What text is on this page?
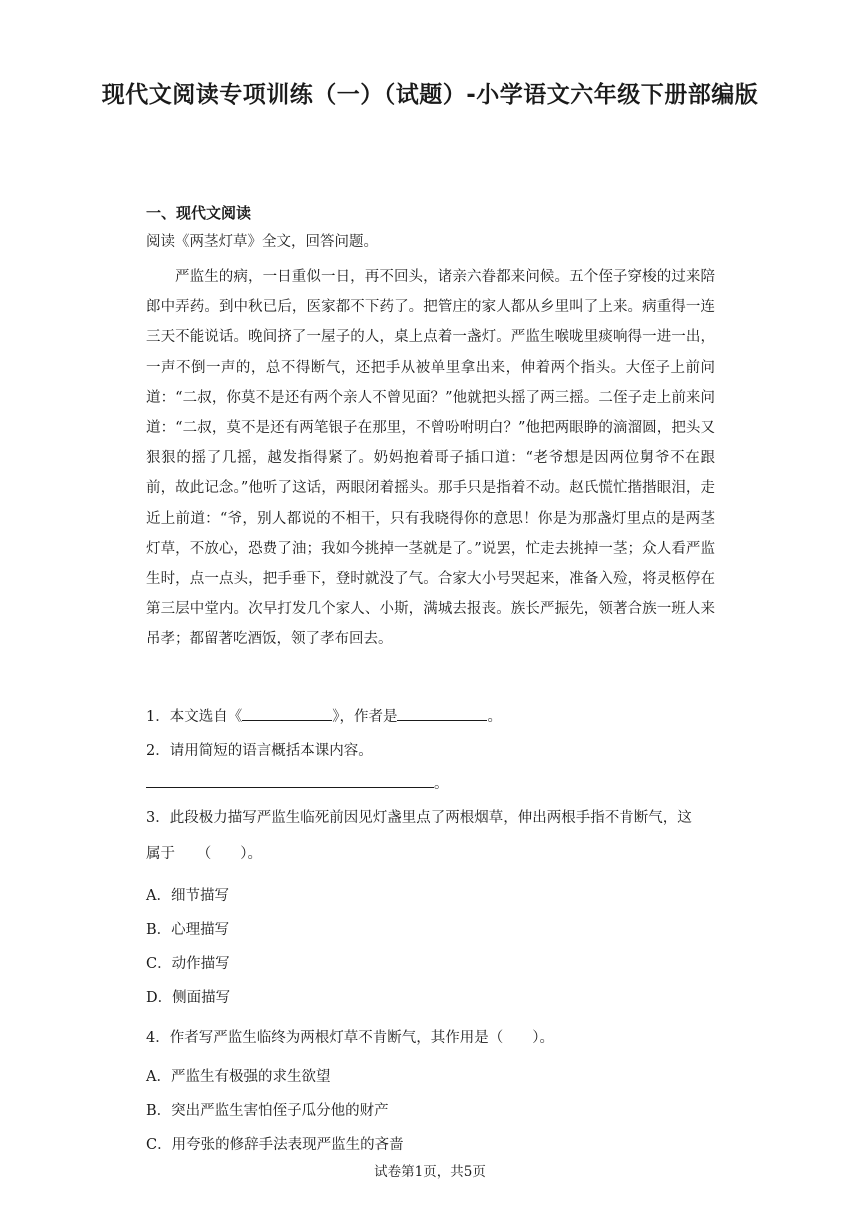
现代文阅读专项训练（一）（试题）-小学语文六年级下册部编版
一、现代文阅读
阅读《两茎灯草》全文，回答问题。
严监生的病，一日重似一日，再不回头，诸亲六眷都来问候。五个侄子穿梭的过来陪郎中弄药。到中秋已后，医家都不下药了。把管庄的家人都从乡里叫了上来。病重得一连三天不能说话。晚间挤了一屋子的人，桌上点着一盏灯。严监生喉咙里痰响得一进一出，一声不倒一声的，总不得断气，还把手从被单里拿出来，伸着两个指头。大侄子上前问道：“二叔，你莫不是还有两个亲人不曾见面？”他就把头摇了两三摇。二侄子走上前来问道：“二叔，莫不是还有两笔银子在那里，不曾吩咐明白？”他把两眼睁的滴溜圆，把头又狠狠的摇了几摇，越发指得紧了。奶妈抱着哥子插口道：“老爷想是因两位舅爷不在跟前，故此记念。”他听了这话，两眼闭着摇头。那手只是指着不动。赵氏慌忙揩揩眼泪，走近上前道：“爷，别人都说的不相干，只有我晓得你的意思！你是为那盏灯里点的是两茎灯草，不放心，恐费了油；我如今挑掉一茎就是了。”说罢，忙走去挑掉一茎；众人看严监生时，点一点头，把手垂下，登时就没了气。合家大小号哭起来，准备入殓，将灵柩停在第三层中堂内。次早打发几个家人、小斯，满城去报丧。族长严振先，领著合族一班人来吊孝；都留著吃酒饭，领了孝布回去。
1．本文选自《	》，作者是	。
2．请用简短的语言概括本课内容。
。
3．此段极力描写严监生临死前因见灯盏里点了两根烟草，伸出两根手指不肯断气，这
属于　　（　　）。
A．细节描写
B．心理描写
C．动作描写
D．侧面描写
4．作者写严监生临终为两根灯草不肯断气，其作用是（　　）。
A．严监生有极强的求生欲望
B．突出严监生害怕侄子瓜分他的财产
C．用夸张的修辞手法表现严监生的吝啬
试卷第1页，共5页
